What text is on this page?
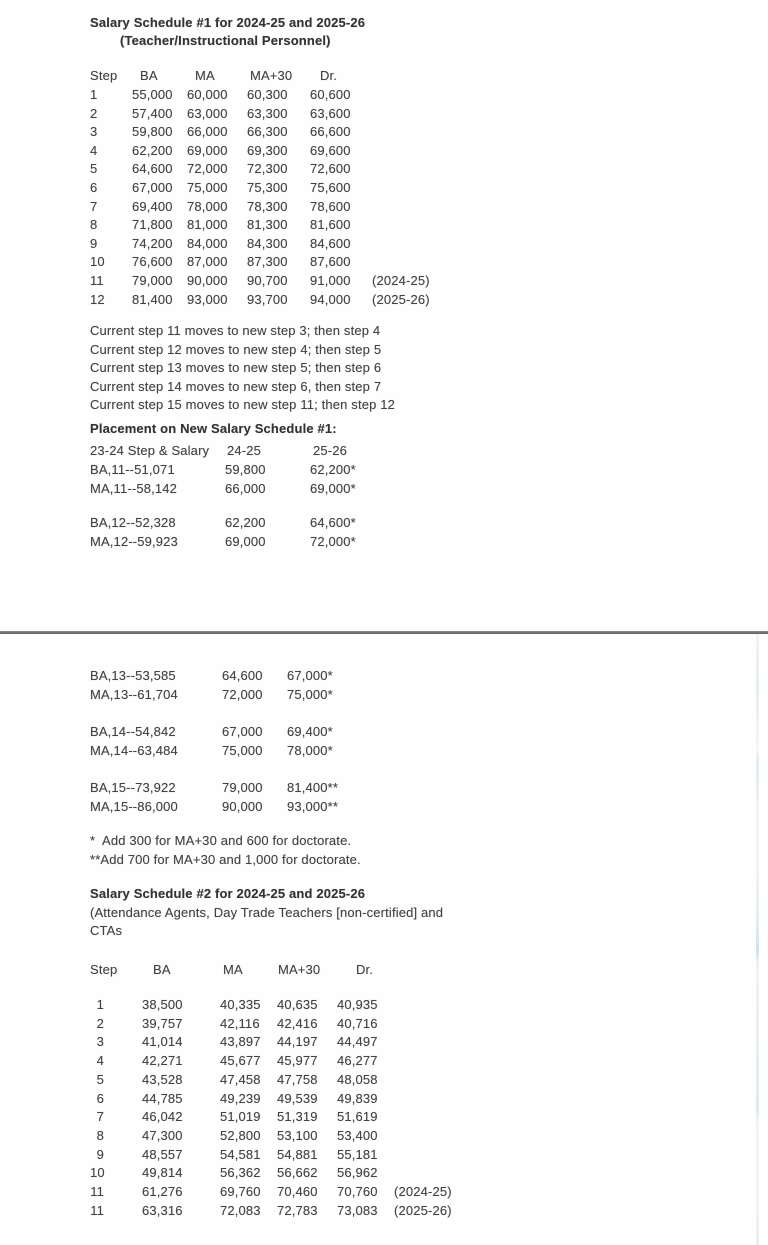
Salary Schedule #1 for 2024-25 and 2025-26
(Teacher/Instructional Personnel)
Step	BA	MA	MA+30	Dr.
1	55,000	60,000	60,300	60,600
2	57,400	63,000	63,300	63,600
3	59,800	66,000	66,300	66,600
4	62,200	69,000	69,300	69,600
5	64,600	72,000	72,300	72,600
6	67,000	75,000	75,300	75,600
7	69,400	78,000	78,300	78,600
8	71,800	81,000	81,300	81,600
9	74,200	84,000	84,300	84,600
10	76,600	87,000	87,300	87,600
11	79,000	90,000	90,700	91,000	(2024-25)
12	81,400	93,000	93,700	94,000	(2025-26)
Current step 11 moves to new step 3; then step 4
Current step 12 moves to new step 4; then step 5
Current step 13 moves to new step 5; then step 6
Current step 14 moves to new step 6, then step 7
Current step 15 moves to new step 11; then step 12
Placement on New Salary Schedule #1:
23-24 Step & Salary	24-25	25-26
BA,11--51,071	59,800	62,200*
MA,11--58,142	66,000	69,000*
BA,12--52,328	62,200	64,600*
MA,12--59,923	69,000	72,000*
BA,13--53,585	64,600	67,000*
MA,13--61,704	72,000	75,000*
BA,14--54,842	67,000	69,400*
MA,14--63,484	75,000	78,000*
BA,15--73,922	79,000	81,400**
MA,15--86,000	90,000	93,000**
*  Add 300 for MA+30 and 600 for doctorate.
**Add 700 for MA+30 and 1,000 for doctorate.
Salary Schedule #2 for 2024-25 and 2025-26
(Attendance Agents, Day Trade Teachers [non-certified] and
CTAs
Step	BA	MA	MA+30	Dr.
1	38,500	40,335	40,635	40,935
2	39,757	42,116	42,416	40,716
3	41,014	43,897	44,197	44,497
4	42,271	45,677	45,977	46,277
5	43,528	47,458	47,758	48,058
6	44,785	49,239	49,539	49,839
7	46,042	51,019	51,319	51,619
8	47,300	52,800	53,100	53,400
9	48,557	54,581	54,881	55,181
10	49,814	56,362	56,662	56,962
11	61,276	69,760	70,460	70,760	(2024-25)
11	63,316	72,083	72,783	73,083	(2025-26)
